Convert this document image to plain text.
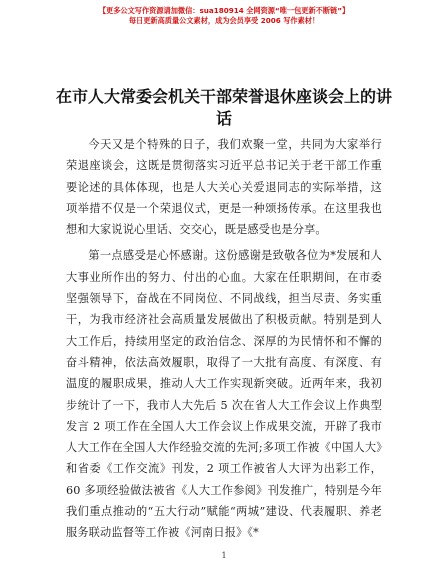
【更多公文写作资源请加微信：sua180914 全网资源“唯一包更新不断链”】
每日更新高质量公文素材，成为会员享受 2006 写作素材！
在市人大常委会机关干部荣誉退休座谈会上的讲话

今天又是个特殊的日子，我们欢聚一堂，共同为大家举行荣退座谈会，这既是贯彻落实习近平总书记关于老干部工作重要论述的具体体现，也是人大关心关爱退同志的实际举措，这项举措不仅是一个荣退仪式，更是一种颂扬传承。在这里我也想和大家说说心里话、交交心，既是感受也是分享。

第一点感受是心怀感谢。这份感谢是致敬各位为*发展和人大事业所作出的努力、付出的心血。大家在任职期间，在市委坚强领导下，奋战在不同岗位、不同战线，担当尽责、务实重干，为我市经济社会高质量发展做出了积极贡献。特别是到人大工作后，持续用坚定的政治信念、深厚的为民情怀和不懈的奋斗精神，依法高效履职，取得了一大批有高度、有深度、有温度的履职成果，推动人大工作实现新突破。近两年来，我初步统计了一下，我市人大先后 5 次在省人大工作会议上作典型发言 2 项工作在全国人大工作会议上作成果交流，开辟了我市人大工作在全国人大作经验交流的先河;多项工作被《中国人大》和省委《工作交流》刊发，2 项工作被省人大评为出彩工作，60 多项经验做法被省《人大工作参阅》刊发推广，特别是今年我们重点推动的“五大行动”赋能“两城”建设、代表履职、养老服务联动监督等工作被《河南日报》《*

1
